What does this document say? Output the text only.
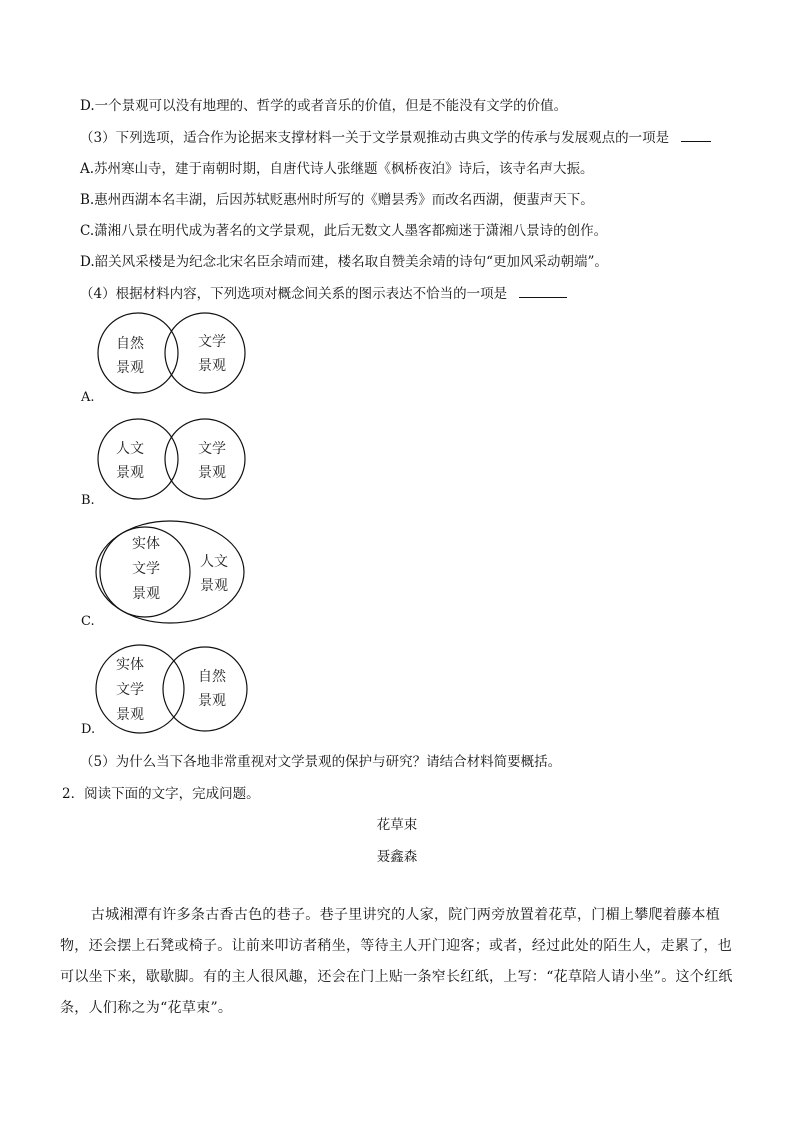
D.一个景观可以没有地理的、哲学的或者音乐的价值，但是不能没有文学的价值。
（3）下列选项，适合作为论据来支撑材料一关于文学景观推动古典文学的传承与发展观点的一项是
A.苏州寒山寺，建于南朝时期，自唐代诗人张继题《枫桥夜泊》诗后，该寺名声大振。
B.惠州西湖本名丰湖，后因苏轼贬惠州时所写的《赠昙秀》而改名西湖，便蜚声天下。
C.潇湘八景在明代成为著名的文学景观，此后无数文人墨客都痴迷于潇湘八景诗的创作。
D.韶关风采楼是为纪念北宋名臣余靖而建，楼名取自赞美余靖的诗句“更加风采动朝端”。
（4）根据材料内容，下列选项对概念间关系的图示表达不恰当的一项是
自然
景观
文学
景观
A.
人文
景观
文学
景观
B.
实体
文学
景观
人文
景观
C.
实体
文学
景观
自然
景观
D.
（5）为什么当下各地非常重视对文学景观的保护与研究？请结合材料简要概括。
2．阅读下面的文字，完成问题。
花草束
聂鑫森
古城湘潭有许多条古香古色的巷子。巷子里讲究的人家，院门两旁放置着花草，门楣上攀爬着藤本植物，还会摆上石凳或椅子。让前来叩访者稍坐，等待主人开门迎客；或者，经过此处的陌生人，走累了，也可以坐下来，歇歇脚。有的主人很风趣，还会在门上贴一条窄长红纸，上写：“花草陪人请小坐”。这个红纸条，人们称之为“花草束”。
